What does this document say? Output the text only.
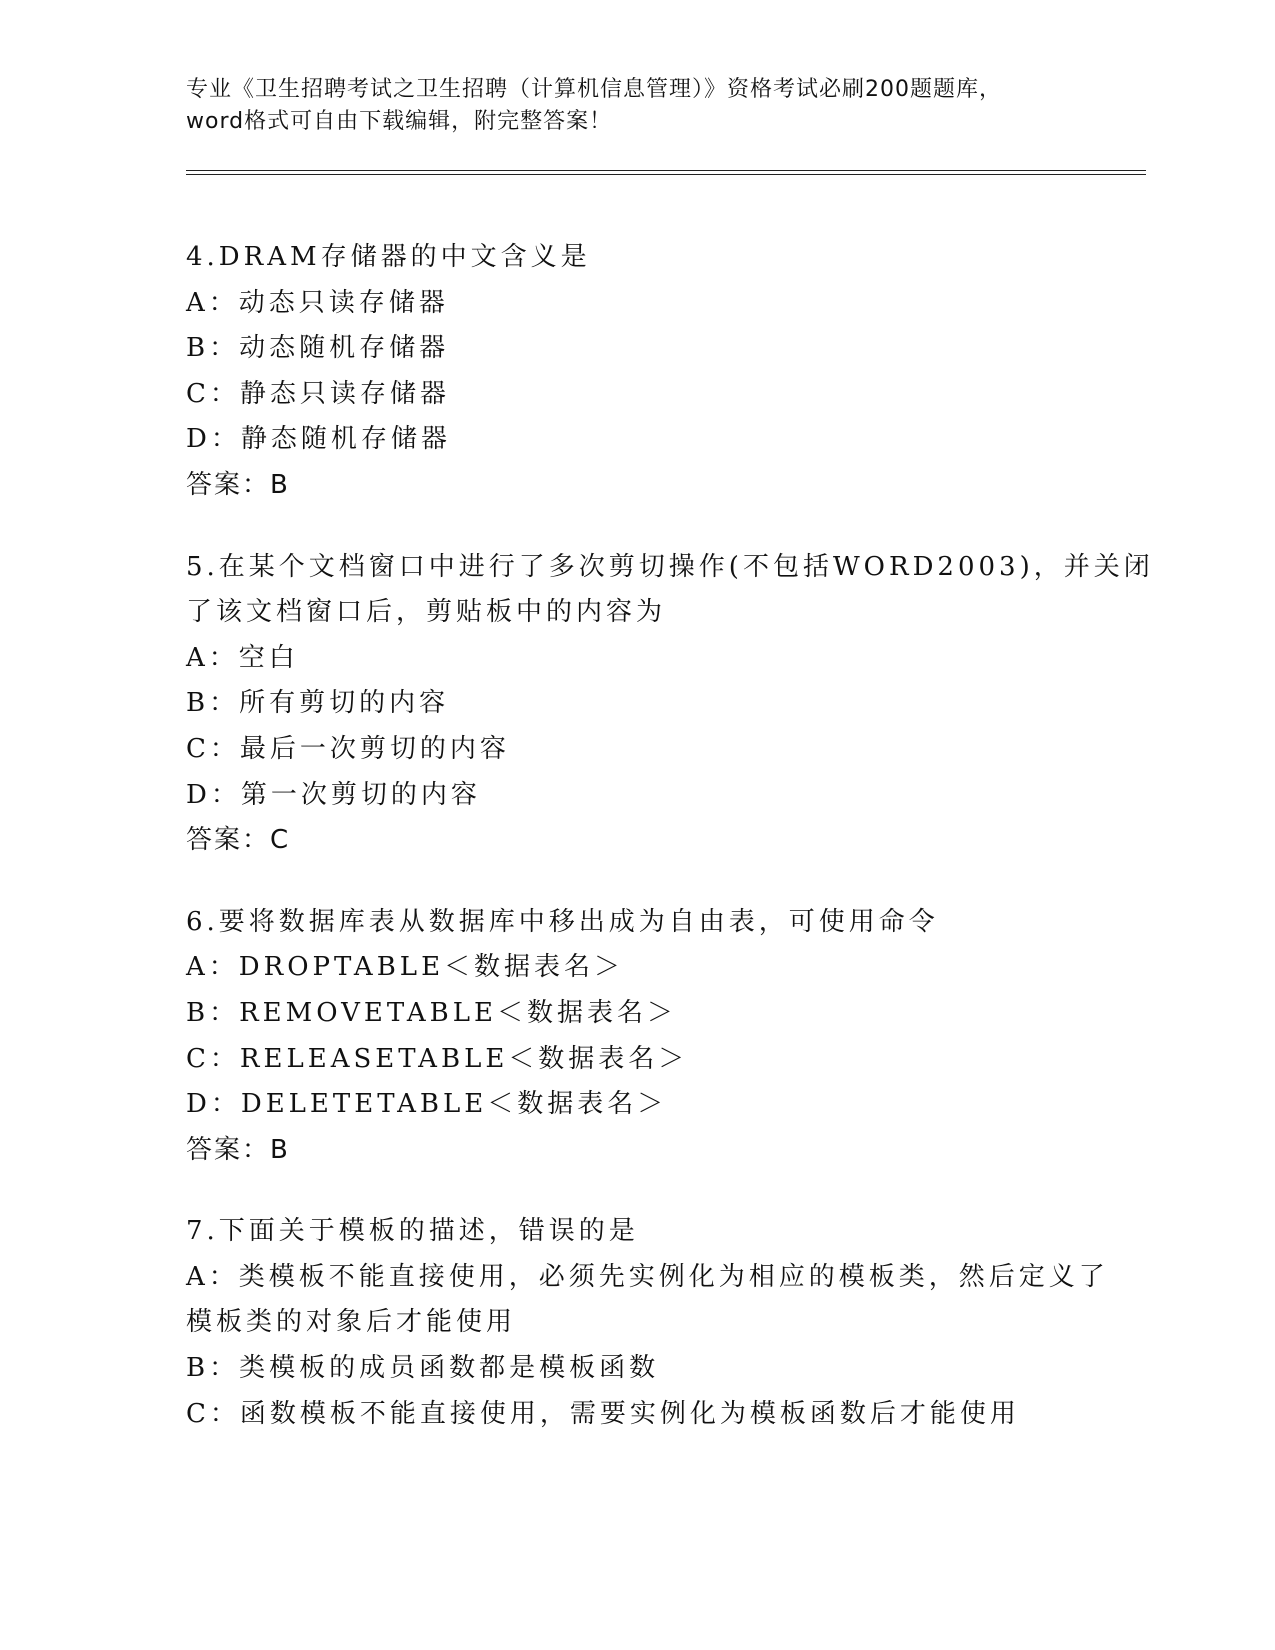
专业《卫生招聘考试之卫生招聘（计算机信息管理）》资格考试必刷200题题库，
word格式可自由下载编辑，附完整答案！
4.DRAM存储器的中文含义是
A：动态只读存储器
B：动态随机存储器
C：静态只读存储器
D：静态随机存储器
答案：B
5.在某个文档窗口中进行了多次剪切操作(不包括WORD2003)，并关闭
了该文档窗口后，剪贴板中的内容为
A：空白
B：所有剪切的内容
C：最后一次剪切的内容
D：第一次剪切的内容
答案：C
6.要将数据库表从数据库中移出成为自由表，可使用命令
A：DROPTABLE＜数据表名＞
B：REMOVETABLE＜数据表名＞
C：RELEASETABLE＜数据表名＞
D：DELETETABLE＜数据表名＞
答案：B
7.下面关于模板的描述，错误的是
A：类模板不能直接使用，必须先实例化为相应的模板类，然后定义了
模板类的对象后才能使用
B：类模板的成员函数都是模板函数
C：函数模板不能直接使用，需要实例化为模板函数后才能使用
